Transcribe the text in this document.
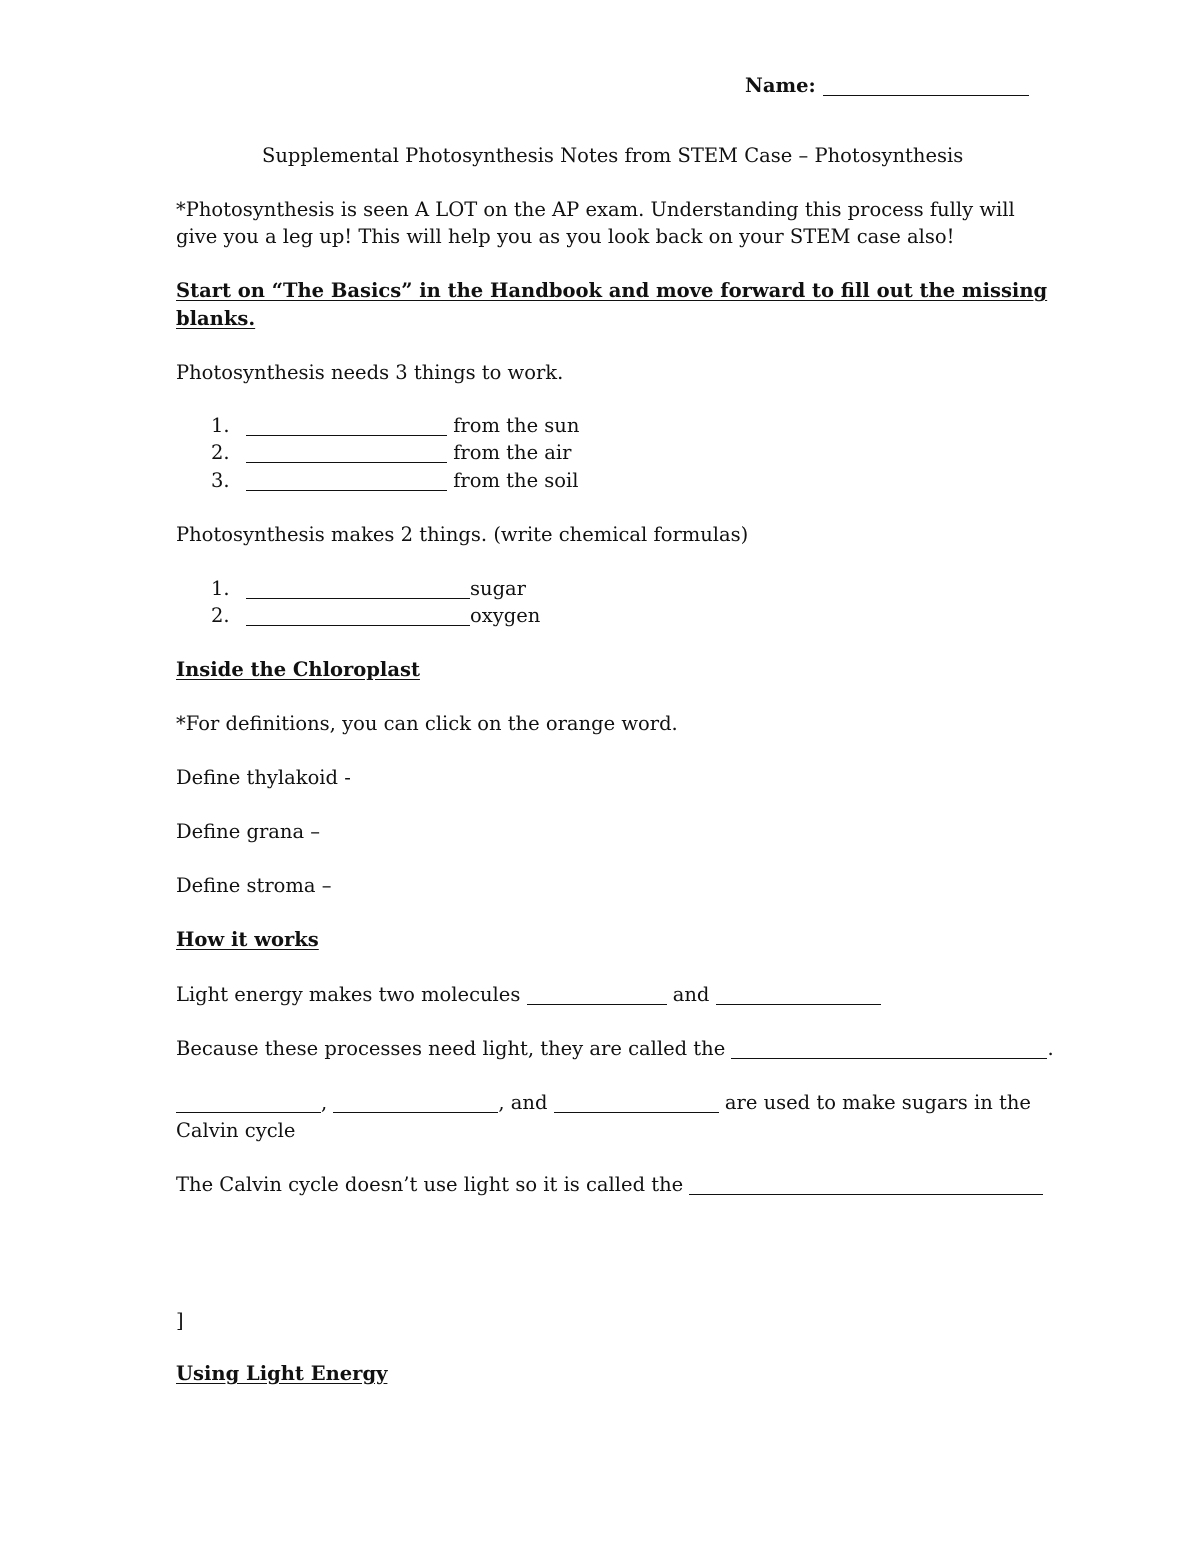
Name:
Supplemental Photosynthesis Notes from STEM Case – Photosynthesis
*Photosynthesis is seen A LOT on the AP exam. Understanding this process fully will
give you a leg up! This will help you as you look back on your STEM case also!
Start on “The Basics” in the Handbook and move forward to fill out the missing
blanks.
Photosynthesis needs 3 things to work.
1.	from the sun
2.	from the air
3.	from the soil
Photosynthesis makes 2 things. (write chemical formulas)
1.	sugar
2.	oxygen
Inside the Chloroplast
*For definitions, you can click on the orange word.
Define thylakoid -
Define grana –
Define stroma –
How it works
Light energy makes two molecules	and
Because these processes need light, they are called the	.
,	, and	are used to make sugars in the
Calvin cycle
The Calvin cycle doesn’t use light so it is called the
]
Using Light Energy
